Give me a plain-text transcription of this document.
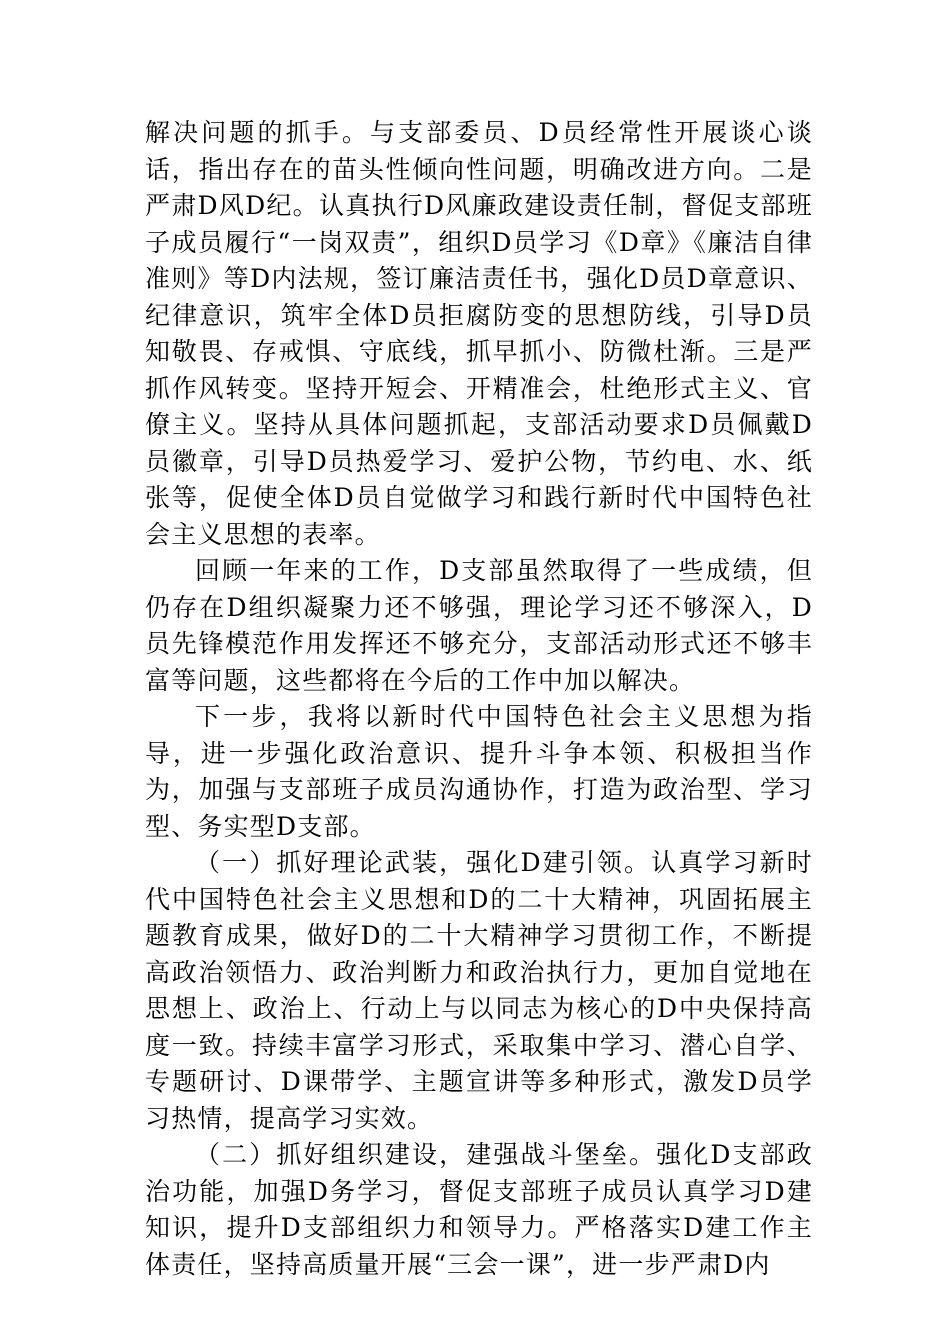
解决问题的抓手。与支部委员、D员经常性开展谈心谈话，指出存在的苗头性倾向性问题，明确改进方向。二是严肃D风D纪。认真执行D风廉政建设责任制，督促支部班子成员履行“一岗双责”，组织D员学习《D章》《廉洁自律准则》等D内法规，签订廉洁责任书，强化D员D章意识、纪律意识，筑牢全体D员拒腐防变的思想防线，引导D员知敬畏、存戒惧、守底线，抓早抓小、防微杜渐。三是严抓作风转变。坚持开短会、开精准会，杜绝形式主义、官僚主义。坚持从具体问题抓起，支部活动要求D员佩戴D员徽章，引导D员热爱学习、爱护公物，节约电、水、纸张等，促使全体D员自觉做学习和践行新时代中国特色社会主义思想的表率。

回顾一年来的工作，D支部虽然取得了一些成绩，但仍存在D组织凝聚力还不够强，理论学习还不够深入，D员先锋模范作用发挥还不够充分，支部活动形式还不够丰富等问题，这些都将在今后的工作中加以解决。

下一步，我将以新时代中国特色社会主义思想为指导，进一步强化政治意识、提升斗争本领、积极担当作为，加强与支部班子成员沟通协作，打造为政治型、学习型、务实型D支部。

（一）抓好理论武装，强化D建引领。认真学习新时代中国特色社会主义思想和D的二十大精神，巩固拓展主题教育成果，做好D的二十大精神学习贯彻工作，不断提高政治领悟力、政治判断力和政治执行力，更加自觉地在思想上、政治上、行动上与以同志为核心的D中央保持高度一致。持续丰富学习形式，采取集中学习、潜心自学、专题研讨、D课带学、主题宣讲等多种形式，激发D员学习热情，提高学习实效。

（二）抓好组织建设，建强战斗堡垒。强化D支部政治功能，加强D务学习，督促支部班子成员认真学习D建知识，提升D支部组织力和领导力。严格落实D建工作主体责任，坚持高质量开展“三会一课”，进一步严肃D内
